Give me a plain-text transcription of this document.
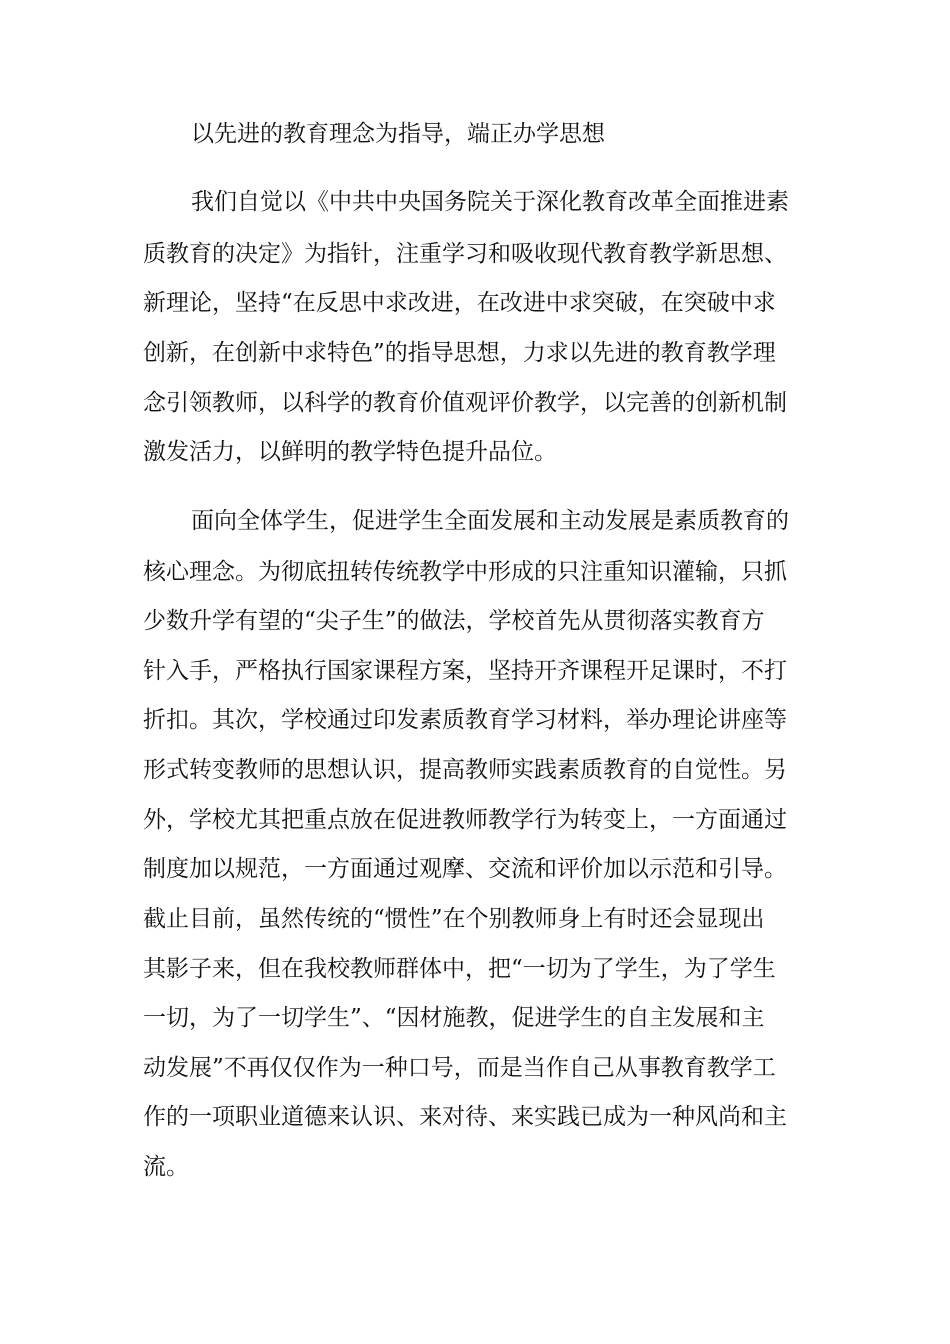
以先进的教育理念为指导，端正办学思想
我们自觉以《中共中央国务院关于深化教育改革全面推进素
质教育的决定》为指针，注重学习和吸收现代教育教学新思想、
新理论，坚持“在反思中求改进，在改进中求突破，在突破中求
创新，在创新中求特色”的指导思想，力求以先进的教育教学理
念引领教师，以科学的教育价值观评价教学，以完善的创新机制
激发活力，以鲜明的教学特色提升品位。
面向全体学生，促进学生全面发展和主动发展是素质教育的
核心理念。为彻底扭转传统教学中形成的只注重知识灌输，只抓
少数升学有望的“尖子生”的做法，学校首先从贯彻落实教育方
针入手，严格执行国家课程方案，坚持开齐课程开足课时，不打
折扣。其次，学校通过印发素质教育学习材料，举办理论讲座等
形式转变教师的思想认识，提高教师实践素质教育的自觉性。另
外，学校尤其把重点放在促进教师教学行为转变上，一方面通过
制度加以规范，一方面通过观摩、交流和评价加以示范和引导。
截止目前，虽然传统的“惯性”在个别教师身上有时还会显现出
其影子来，但在我校教师群体中，把“一切为了学生，为了学生
一切，为了一切学生”、“因材施教，促进学生的自主发展和主
动发展”不再仅仅作为一种口号，而是当作自己从事教育教学工
作的一项职业道德来认识、来对待、来实践已成为一种风尚和主
流。
